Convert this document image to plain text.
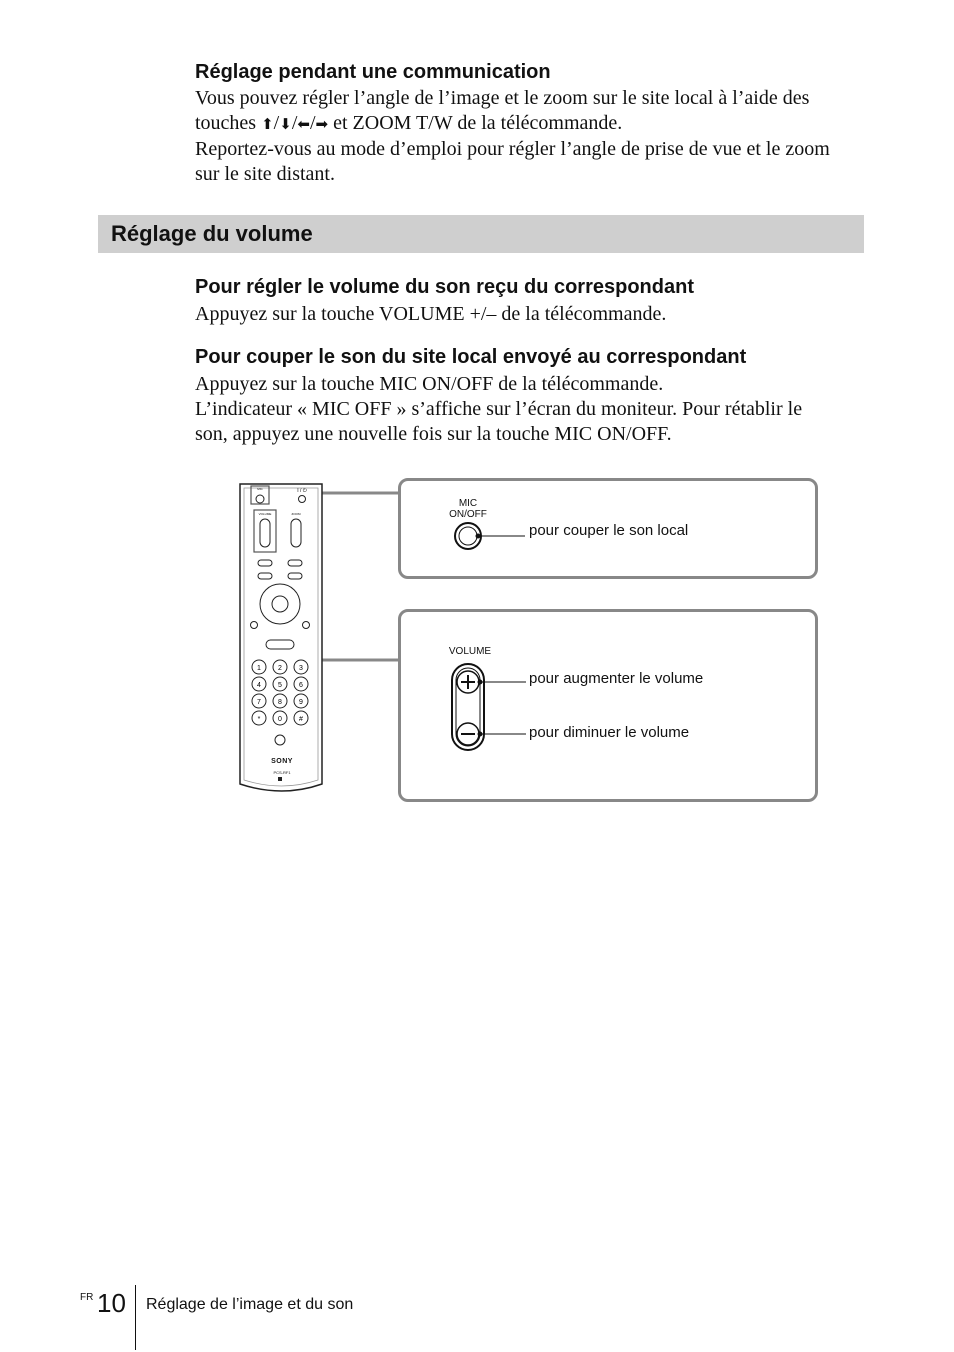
Réglage pendant une communication
Vous pouvez régler l’angle de l’image et le zoom sur le site local à l’aide des
touches ⬆/⬇/⬅/➡ et ZOOM T/W de la télécommande.
Reportez-vous au mode d’emploi pour régler l’angle de prise de vue et le zoom
sur le site distant.
Réglage du volume
Pour régler le volume du son reçu du correspondant
Appuyez sur la touche VOLUME +/– de la télécommande.
Pour couper le son du site local envoyé au correspondant
Appuyez sur la touche MIC ON/OFF de la télécommande.
L’indicateur « MIC OFF » s’affiche sur l’écran du moniteur. Pour rétablir le
son, appuyez une nouvelle fois sur la touche MIC ON/OFF.
MIC	I / ⏻
VOLUME	ZOOM
1 2 3
4 5 6
7 8 9
*	0 #
SONY
PCS-RF1
MIC
ON/OFF
pour couper le son local
VOLUME
pour augmenter le volume
pour diminuer le volume
FR 10 Réglage de l’image et du son
